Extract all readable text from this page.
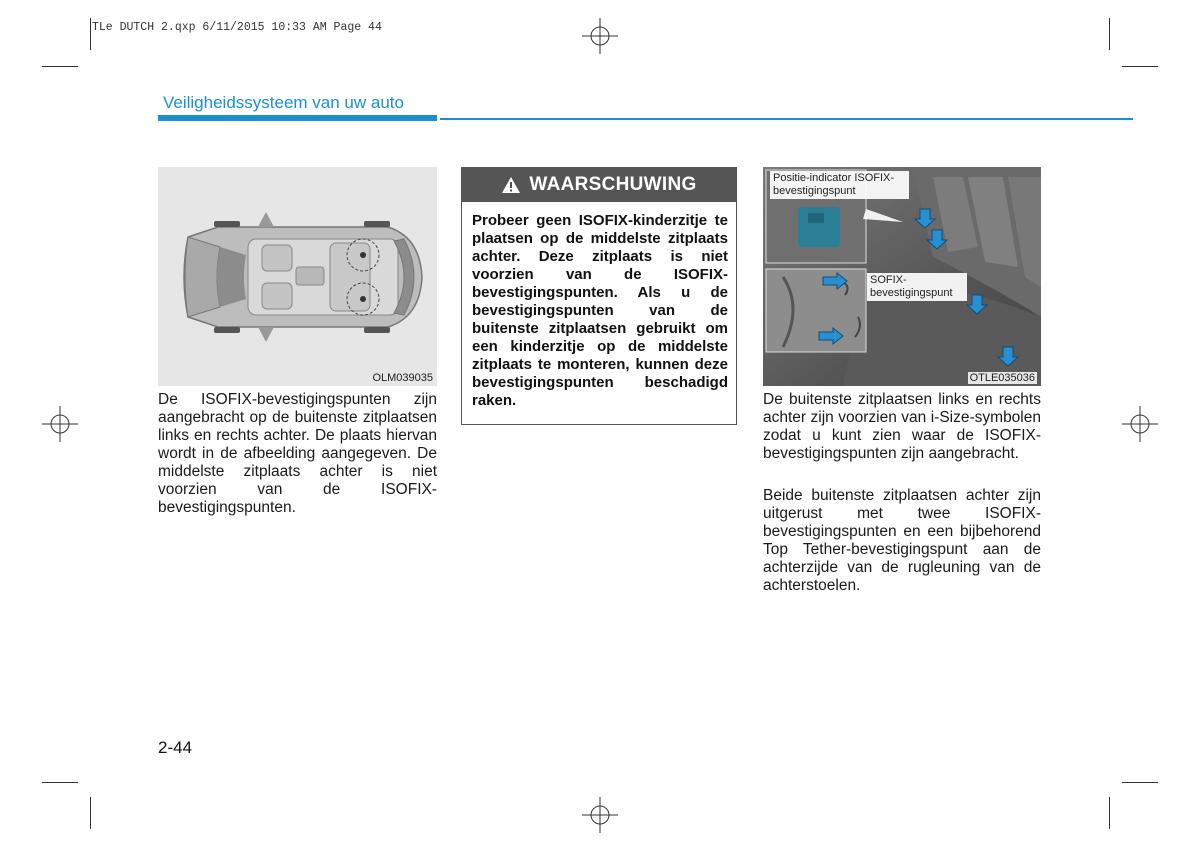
TLe DUTCH 2.qxp 6/11/2015 10:33 AM Page 44
Veiligheidssysteem van uw auto
OLM039035
De ISOFIX-bevestigingspunten zijn aangebracht op de buitenste zitplaatsen links en rechts achter. De plaats hiervan wordt in de afbeelding aangegeven. De middelste zitplaats achter is niet voorzien van de ISOFIX-bevestigingspunten.
WAARSCHUWING
Probeer geen ISOFIX-kinderzitje te plaatsen op de middelste zitplaats achter. Deze zitplaats is niet voorzien van de ISOFIX-bevestigingspunten. Als u de bevestigingspunten van de buitenste zitplaatsen gebruikt om een kinderzitje op de middelste zitplaats te monteren, kunnen deze bevestigingspunten beschadigd raken.
Positie-indicator ISOFIX-bevestigingspunt
SOFIX-bevestigingspunt
OTLE035036
De buitenste zitplaatsen links en rechts achter zijn voorzien van i-Size-symbolen zodat u kunt zien waar de ISOFIX-bevestigingspunten zijn aangebracht.
Beide buitenste zitplaatsen achter zijn uitgerust met twee ISOFIX-bevestigingspunten en een bijbehorend Top Tether-bevestigingspunt aan de achterzijde van de rugleuning van de achterstoelen.
2-44
